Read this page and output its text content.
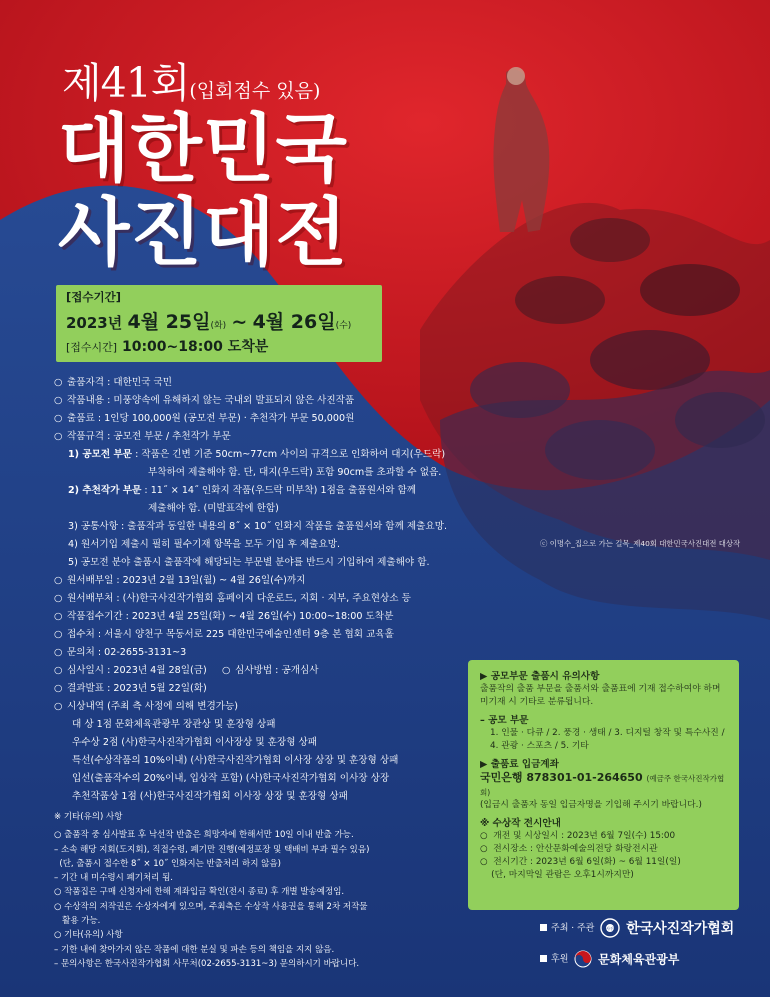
제41회(입회점수 있음)
대한민국
사진대전
[접수기간]
2023년 4월 25일(화) ~ 4월 26일(수)
[접수시간] 10:00~18:00 도착분
○ 출품자격 : 대한민국 국민
○ 작품내용 : 미풍양속에 유해하지 않는 국내외 발표되지 않은 사진작품
○ 출품료 : 1인당 100,000원 (공모전 부문) · 추천작가 부문 50,000원
○ 작품규격 : 공모전 부문 / 추천작가 부문
1) 공모전 부문 : 작품은 긴변 기준 50cm~77cm 사이의 규격으로 인화하여 대지(우드락)
부착하여 제출해야 함. 단, 대지(우드락) 포함 90cm를 초과할 수 없음.
2) 추천작가 부문 : 11˝ × 14˝ 인화지 작품(우드락 미부착) 1점을 출품원서와 함께
제출해야 함. (미발표작에 한함)
3) 공통사항 : 출품작과 동일한 내용의 8˝ × 10˝ 인화지 작품을 출품원서와 함께 제출요망.
4) 원서기입 제출시 필히 필수기재 항목을 모두 기입 후 제출요망.
5) 공모전 분야 출품시 출품작에 해당되는 부문별 분야를 반드시 기입하여 제출해야 함.
○ 원서배부일 : 2023년 2월 13일(월) ~ 4월 26일(수)까지
○ 원서배부처 : (사)한국사진작가협회 홈페이지 다운로드, 지회 · 지부, 주요현상소 등
○ 작품접수기간 : 2023년 4월 25일(화) ~ 4월 26일(수) 10:00~18:00 도착분
○ 접수처 : 서울시 양천구 목동서로 225 대한민국예술인센터 9층 본 협회 교육홀
○ 문의처 : 02-2655-3131~3
○ 심사일시 : 2023년 4월 28일(금) ○ 심사방법 : 공개심사
○ 결과발표 : 2023년 5월 22일(화)
○ 시상내역 (주최 측 사정에 의해 변경가능)
대 상 1점 문화체육관광부 장관상 및 훈장형 상패
우수상 2점 (사)한국사진작가협회 이사장상 및 훈장형 상패
특선(수상작품의 10%이내) (사)한국사진작가협회 이사장 상장 및 훈장형 상패
입선(출품작수의 20%이내, 입상작 포함) (사)한국사진작가협회 이사장 상장
추천작품상 1점 (사)한국사진작가협회 이사장 상장 및 훈장형 상패
※ 기타(유의) 사항
○ 출품작 중 심사발표 후 낙선작 반출은 희망자에 한해서만 10일 이내 반출 가능.
– 소속 해당 지회(도지회), 직접수령, 폐기만 진행(예정포장 및 택배비 부과 필수 있음)
(단, 출품시 접수한 8˝ × 10˝ 인화지는 반출처리 하지 않음)
– 기간 내 미수령시 폐기처리 됨.
○ 작품집은 구매 신청자에 한해 계좌입금 확인(전시 종료) 후 개별 발송예정임.
○ 수상작의 저작권은 수상자에게 있으며, 주최측은 수상작 사용권을 통해 2차 저작물
활용 가능.
○ 기타(유의) 사항
– 기한 내에 찾아가지 않은 작품에 대한 분실 및 파손 등의 책임을 지지 않음.
– 문의사항은 한국사진작가협회 사무처(02-2655-3131~3) 문의하시기 바랍니다.
ⓒ 이명수_집으로 가는 길목_제40회 대한민국사진대전 대상작
▶ 공모부문 출품시 유의사항
출품작의 출품 부문을 출품서와 출품표에 기재 접수하여야 하며
미기재 시 기타로 분류됩니다.
– 공모 부문
1. 인물 · 다큐 / 2. 풍경 · 생태 / 3. 디지털 창작 및 특수사진 /
4. 관광 · 스포츠 / 5. 기타
▶ 출품료 입금계좌
국민은행 878301-01-264650 (예금주 한국사진작가협회)
(입금시 출품자 동일 입금자명을 기입해 주시기 바랍니다.)
※ 수상작 전시안내
○  개전 및 시상일시 : 2023년 6월 7일(수) 15:00
○  전시장소 : 안산문화예술의전당 화랑전시관
○  전시기간 : 2023년 6월 6일(화) ~ 6월 11일(일)
(단, 마지막일 관람은 오후1시까지만)
주최 · 주관	사진 한국사진작가협회
후원 문화체육관광부
